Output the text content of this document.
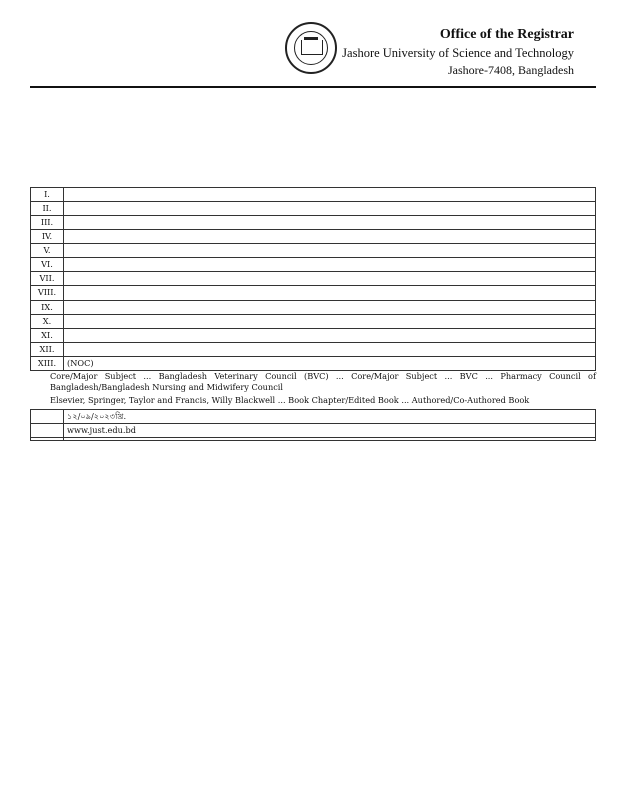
Office of the Registrar
Jashore University of Science and Technology
Jashore-7408, Bangladesh
I.	
II.	
III.	
IV.	
V.	
VI.	
VII.	
VIII.	
IX.	
X.	
XI.	
XII.	
XIII.	(NOC)
Core/Major Subject ... Bangladesh Veterinary Council (BVC) ... Core/Major Subject ... BVC ... Pharmacy Council of Bangladesh/Bangladesh Nursing and Midwifery Council
Elsevier, Springer, Taylor and Francis, Willy Blackwell ... Book Chapter/Edited Book ... Authored/Co-Authored Book
	১২/০৯/২০২৩খ্রি.
	www.just.edu.bd
